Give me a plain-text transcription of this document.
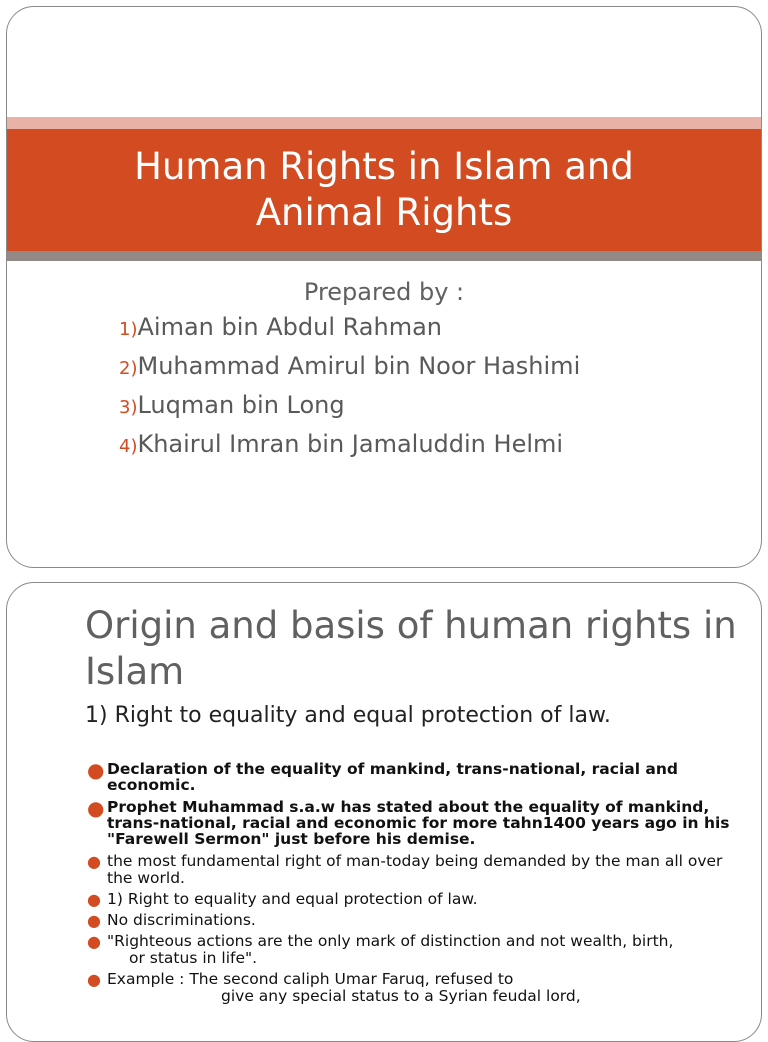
Human Rights in Islam and
Animal Rights

Prepared by :

1)Aiman bin Abdul Rahman
2)Muhammad Amirul bin Noor Hashimi
3)Luqman bin Long
4)Khairul Imran bin Jamaluddin Helmi
Origin and basis of human rights in Islam

1) Right to equality and equal protection of law.

● Declaration of the equality of mankind, trans-national, racial and economic.
● Prophet Muhammad s.a.w has stated about the equality of mankind, trans-national, racial and economic for more tahn1400 years ago in his "Farewell Sermon" just before his demise.
● the most fundamental right of man-today being demanded by the man all over the world.
● 1) Right to equality and equal protection of law.
● No discriminations.
● "Righteous actions are the only mark of distinction and not wealth, birth,
or status in life".
● Example : The second caliph Umar Faruq, refused to
give any special status to a Syrian feudal lord,
